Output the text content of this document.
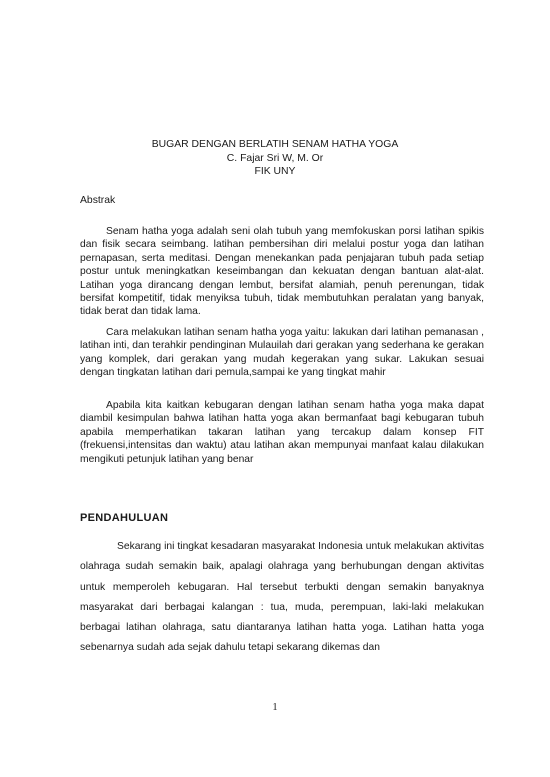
BUGAR DENGAN BERLATIH SENAM HATHA YOGA
C. Fajar Sri W, M. Or
FIK UNY
Abstrak

Senam hatha yoga adalah seni olah tubuh yang memfokuskan porsi latihan spikis dan fisik secara seimbang. latihan pembersihan diri melalui postur yoga dan latihan pernapasan, serta meditasi. Dengan menekankan pada penjajaran tubuh pada setiap postur untuk meningkatkan keseimbangan dan kekuatan dengan bantuan alat-alat. Latihan yoga dirancang dengan lembut, bersifat alamiah, penuh perenungan, tidak bersifat kompetitif, tidak menyiksa tubuh, tidak membutuhkan peralatan yang banyak, tidak berat dan tidak lama.

Cara melakukan latihan senam hatha yoga yaitu: lakukan dari latihan pemanasan , latihan inti, dan terahkir pendinginan Mulauilah dari gerakan yang sederhana ke gerakan yang komplek, dari gerakan yang mudah kegerakan yang sukar. Lakukan sesuai dengan tingkatan latihan dari pemula,sampai ke yang tingkat mahir

Apabila kita kaitkan kebugaran dengan latihan senam hatha yoga maka dapat diambil kesimpulan bahwa latihan hatta yoga akan bermanfaat bagi kebugaran tubuh apabila memperhatikan takaran latihan yang tercakup dalam konsep FIT (frekuensi,intensitas dan waktu) atau latihan akan mempunyai manfaat kalau dilakukan mengikuti petunjuk latihan yang benar

PENDAHULUAN

Sekarang ini tingkat kesadaran masyarakat Indonesia untuk melakukan aktivitas olahraga sudah semakin baik, apalagi olahraga yang berhubungan dengan aktivitas untuk memperoleh kebugaran. Hal tersebut terbukti dengan semakin banyaknya masyarakat dari berbagai kalangan : tua, muda, perempuan, laki-laki melakukan berbagai latihan olahraga, satu diantaranya latihan hatta yoga. Latihan hatta yoga sebenarnya sudah ada sejak dahulu tetapi sekarang dikemas dan

1
